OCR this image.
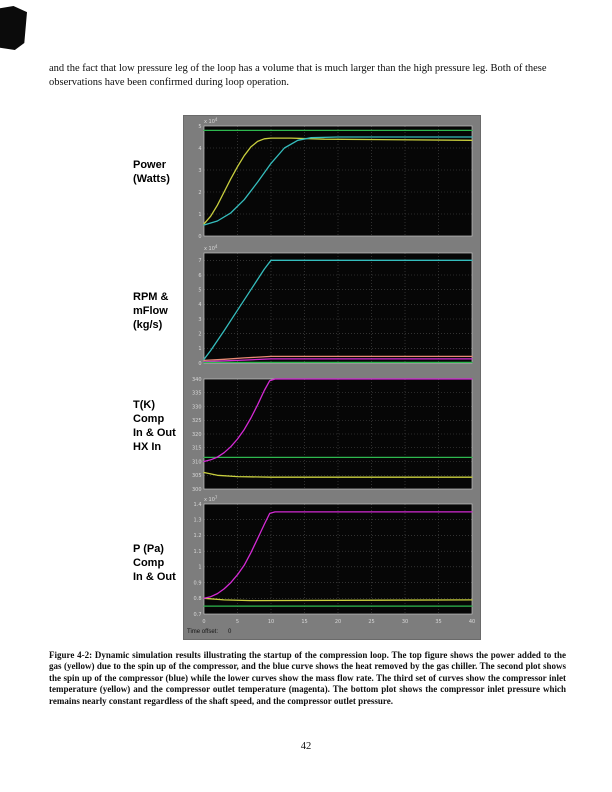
and the fact that low pressure leg of the loop has a volume that is much larger than the high pressure leg. Both of these observations have been confirmed during loop operation.

Power
(Watts)
RPM &
mFlow
(kg/s)
T(K)
Comp
In & Out
HX In
P (Pa)
Comp
In & Out
0
1
2
3
4
5
x $10^4$
0
1
2
3
4
5
6
7
x $10^4$
300
305
310
315
320
325
330
335
340
0.7
0.8
0.9
1
1.1
1.2
1.3
1.4
x $10^7$
0	5	10	15	20	25	30	35	40
Time offset: 0

Figure 4-2: Dynamic simulation results illustrating the startup of the compression loop. The top figure shows the power added to the gas (yellow) due to the spin up of the compressor, and the blue curve shows the heat removed by the gas chiller. The second plot shows the spin up of the compressor (blue) while the lower curves show the mass flow rate. The third set of curves show the compressor inlet temperature (yellow) and the compressor outlet temperature (magenta). The bottom plot shows the compressor inlet pressure which remains nearly constant regardless of the shaft speed, and the compressor outlet pressure.

42
